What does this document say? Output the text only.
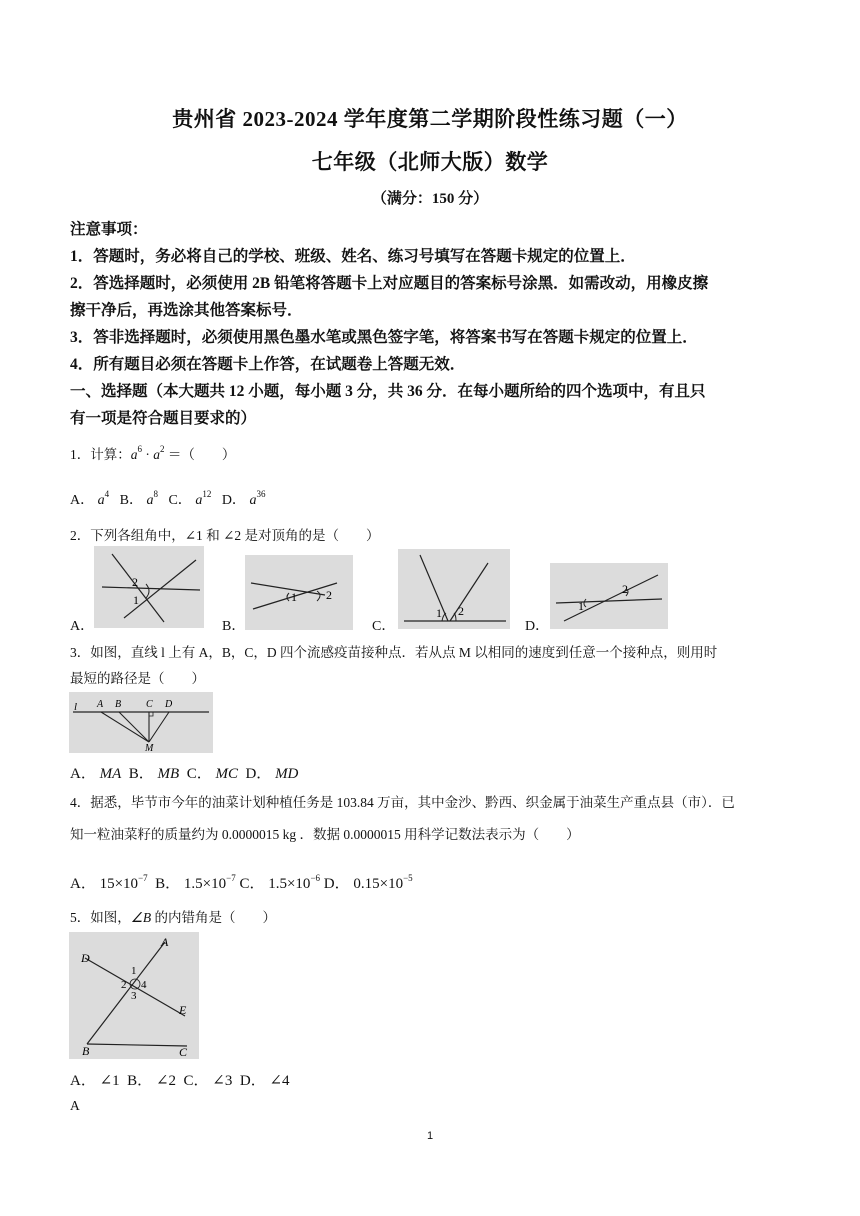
贵州省 2023-2024 学年度第二学期阶段性练习题（一）
七年级（北师大版）数学
（满分：150 分）
注意事项：
1．答题时，务必将自己的学校、班级、姓名、练习号填写在答题卡规定的位置上．
2．答选择题时，必须使用 2B 铅笔将答题卡上对应题目的答案标号涂黑．如需改动，用橡皮擦
擦干净后，再选涂其他答案标号．
3．答非选择题时，必须使用黑色墨水笔或黑色签字笔，将答案书写在答题卡规定的位置上．
4．所有题目必须在答题卡上作答，在试题卷上答题无效．
一、选择题（本大题共 12 小题，每小题 3 分，共 36 分．在每小题所给的四个选项中，有且只
有一项是符合题目要求的）
1．计算：$a^6 \cdot a^2$ ＝（　　）
A． $a^4$ B． $a^8$ C． $a^{12}$ D． $a^{36}$
2．下列各组角中，∠1 和 ∠2 是对顶角的是（　　）
A．
2
1
B．
1 2
C．
1 2
D．
1
2
3．如图，直线 l 上有 A，B，C，D 四个流感疫苗接种点．若从点 M 以相同的速度到任意一个接种点，则用时
最短的路径是（　　）
l A B C D
M
A． MA B． MB C． MC D． MD
4．据悉，毕节市今年的油菜计划种植任务是 103.84 万亩，其中金沙、黔西、织金属于油菜生产重点县（市）．已
知一粒油菜籽的质量约为 0.0000015 kg ．数据 0.0000015 用科学记数法表示为（　　）
A． $15\times 10^{-7}$ B． $1.5\times 10^{-7}$ C． $1.5\times 10^{-6}$ D． $0.15\times 10^{-5}$
5．如图，∠B 的内错角是（　　）
D
A
1
2
3
4
E
B	C
A． ∠1 B． ∠2 C． ∠3 D． ∠4
A
1
